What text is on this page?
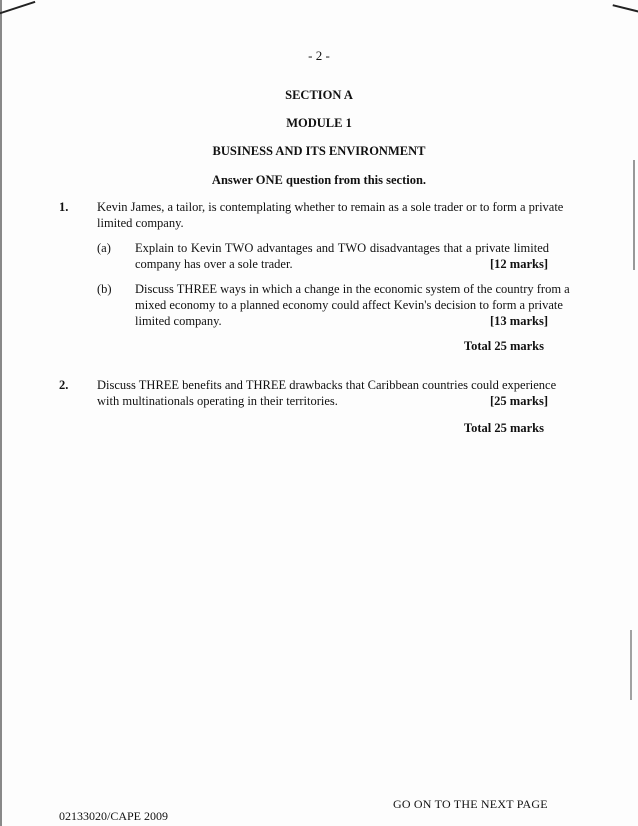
- 2 -
SECTION A
MODULE 1
BUSINESS AND ITS ENVIRONMENT
Answer ONE question from this section.
1. Kevin James, a tailor, is contemplating whether to remain as a sole trader or to form a private
limited company.
(a) Explain to Kevin TWO advantages and TWO disadvantages that a private limited
company has over a sole trader.	[12 marks]
(b) Discuss THREE ways in which a change in the economic system of the country from a
mixed economy to a planned economy could affect Kevin's decision to form a private
limited company.	[13 marks]
Total 25 marks
2. Discuss THREE benefits and THREE drawbacks that Caribbean countries could experience
with multinationals operating in their territories.	[25 marks]
Total 25 marks
GO ON TO THE NEXT PAGE
02133020/CAPE 2009
